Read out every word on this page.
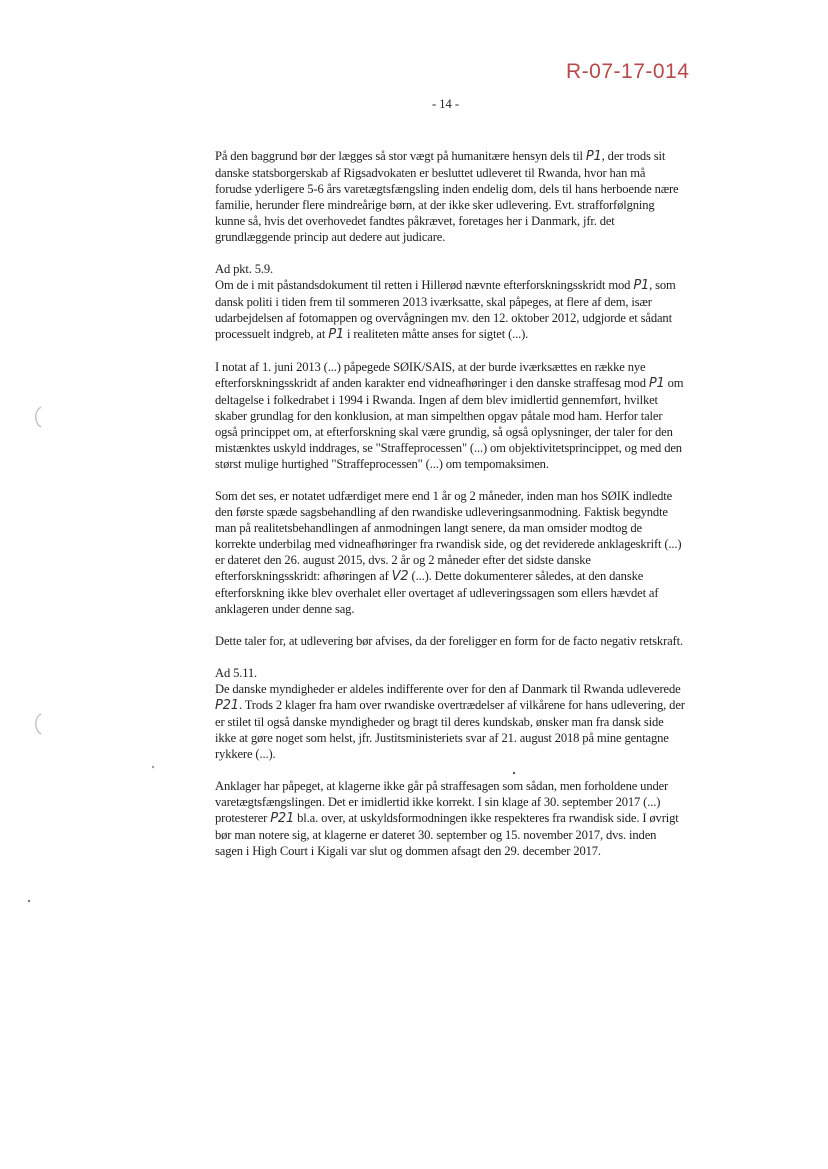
R-07-17-014
- 14 -

På den baggrund bør der lægges så stor vægt på humanitære hensyn dels til P1, der trods sit danske statsborgerskab af Rigsadvokaten er besluttet udleveret til Rwanda, hvor han må forudse yderligere 5-6 års varetægtsfængsling inden endelig dom, dels til hans herboende nære familie, herunder flere mindreårige børn, at der ikke sker udlevering. Evt. strafforfølgning kunne så, hvis det overhovedet fandtes påkrævet, foretages her i Danmark, jfr. det grundlæggende princip aut dedere aut judicare.

Ad pkt. 5.9.

Om de i mit påstandsdokument til retten i Hillerød nævnte efterforskningsskridt mod P1, som dansk politi i tiden frem til sommeren 2013 iværksatte, skal påpeges, at flere af dem, især udarbejdelsen af fotomappen og overvågningen mv. den 12. oktober 2012, udgjorde et sådant processuelt indgreb, at P1 i realiteten måtte anses for sigtet (...).

I notat af 1. juni 2013 (...) påpegede SØIK/SAIS, at der burde iværksættes en række nye efterforskningsskridt af anden karakter end vidneafhøringer i den danske straffesag mod P1 om deltagelse i folkedrabet i 1994 i Rwanda. Ingen af dem blev imidlertid gennemført, hvilket skaber grundlag for den konklusion, at man simpelthen opgav påtale mod ham. Herfor taler også princippet om, at efterforskning skal være grundig, så også oplysninger, der taler for den mistænktes uskyld inddrages, se "Straffeprocessen" (...) om objektivitetsprincippet, og med den størst mulige hurtighed "Straffeprocessen" (...) om tempomaksimen.

Som det ses, er notatet udfærdiget mere end 1 år og 2 måneder, inden man hos SØIK indledte den første spæde sagsbehandling af den rwandiske udleveringsanmodning. Faktisk begyndte man på realitetsbehandlingen af anmodningen langt senere, da man omsider modtog de korrekte underbilag med vidneafhøringer fra rwandisk side, og det reviderede anklageskrift (...) er dateret den 26. august 2015, dvs. 2 år og 2 måneder efter det sidste danske efterforskningsskridt: afhøringen af V2 (...). Dette dokumenterer således, at den danske efterforskning ikke blev overhalet eller overtaget af udleveringssagen som ellers hævdet af anklageren under denne sag.

Dette taler for, at udlevering bør afvises, da der foreligger en form for de facto negativ retskraft.

Ad 5.11.

De danske myndigheder er aldeles indifferente over for den af Danmark til Rwanda udleverede P21. Trods 2 klager fra ham over rwandiske overtrædelser af vilkårene for hans udlevering, der er stilet til også danske myndigheder og bragt til deres kundskab, ønsker man fra dansk side ikke at gøre noget som helst, jfr. Justitsministeriets svar af 21. august 2018 på mine gentagne rykkere (...).

Anklager har påpeget, at klagerne ikke går på straffesagen som sådan, men forholdene under varetægtsfængslingen. Det er imidlertid ikke korrekt. I sin klage af 30. september 2017 (...) protesterer P21 bl.a. over, at uskyldsformodningen ikke respekteres fra rwandisk side. I øvrigt bør man notere sig, at klagerne er dateret 30. september og 15. november 2017, dvs. inden sagen i High Court i Kigali var slut og dommen afsagt den 29. december 2017.
